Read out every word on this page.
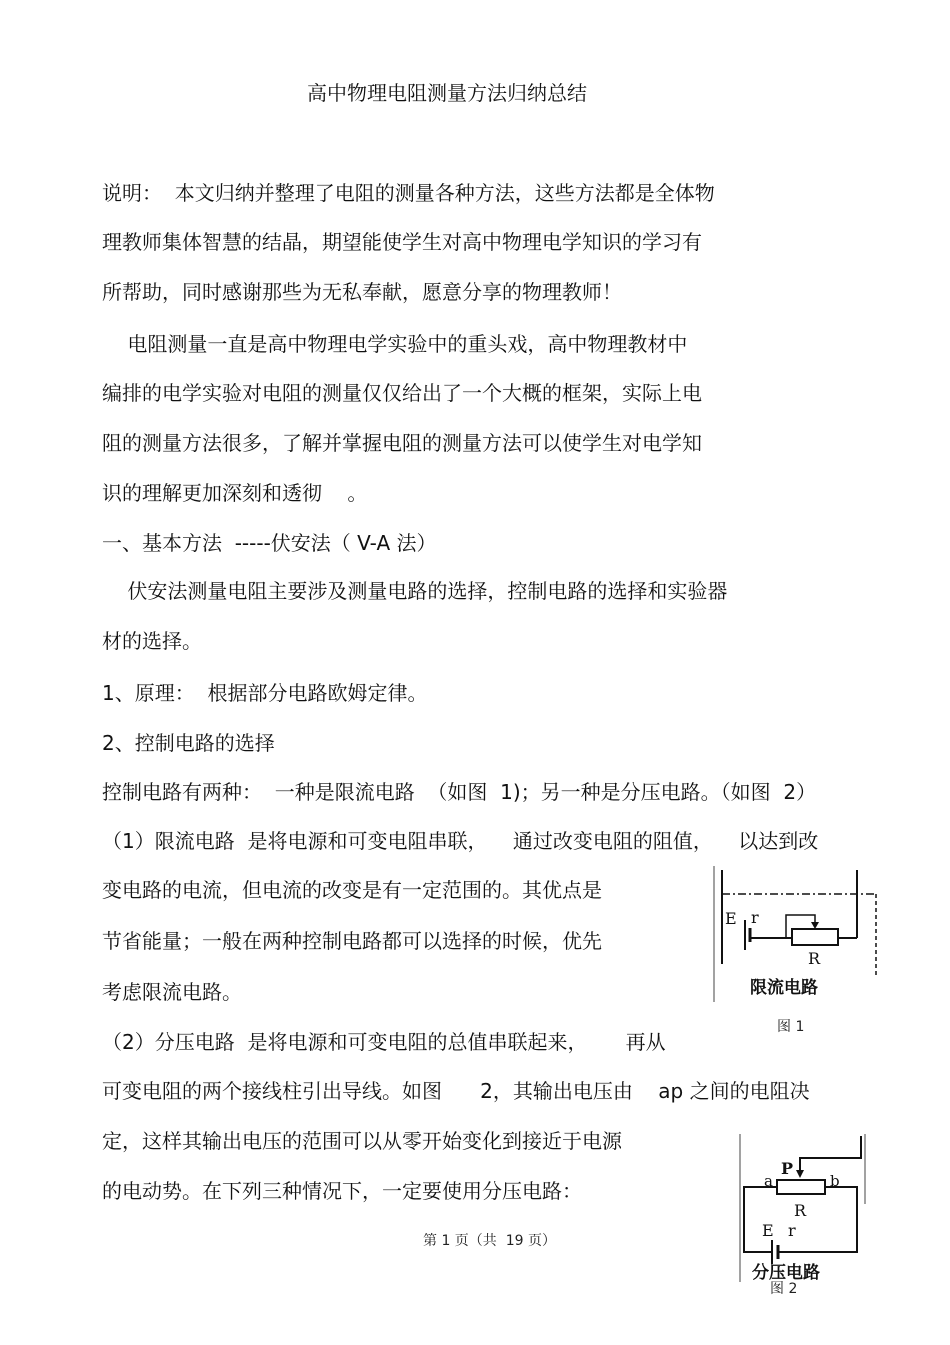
高中物理电阻测量方法归纳总结
说明：  本文归纳并整理了电阻的测量各种方法，这些方法都是全体物
理教师集体智慧的结晶，期望能使学生对高中物理电学知识的学习有
所帮助，同时感谢那些为无私奉献，愿意分享的物理教师！
电阻测量一直是高中物理电学实验中的重头戏，高中物理教材中
编排的电学实验对电阻的测量仅仅给出了一个大概的框架，实际上电
阻的测量方法很多，了解并掌握电阻的测量方法可以使学生对电学知
识的理解更加深刻和透彻    。
一、基本方法  -----伏安法（ V-A 法）
伏安法测量电阻主要涉及测量电路的选择，控制电路的选择和实验器
材的选择。
1、原理：  根据部分电路欧姆定律。
2、控制电路的选择
控制电路有两种：  一种是限流电路  （如图  1)；另一种是分压电路。（如图  2）
（1）限流电路  是将电源和可变电阻串联，    通过改变电阻的阻值，    以达到改
变电路的电流，但电流的改变是有一定范围的。其优点是
节省能量；一般在两种控制电路都可以选择的时候，优先
考虑限流电路。
（2）分压电路  是将电源和可变电阻的总值串联起来，      再从
可变电阻的两个接线柱引出导线。如图      2，其输出电压由    ap 之间的电阻决
定，这样其输出电压的范围可以从零开始变化到接近于电源
的电动势。在下列三种情况下，一定要使用分压电路：
E r
R
限流电路
图 1
a
P
b
R
E r
分压电路
图 2
第 1 页（共  19 页）
